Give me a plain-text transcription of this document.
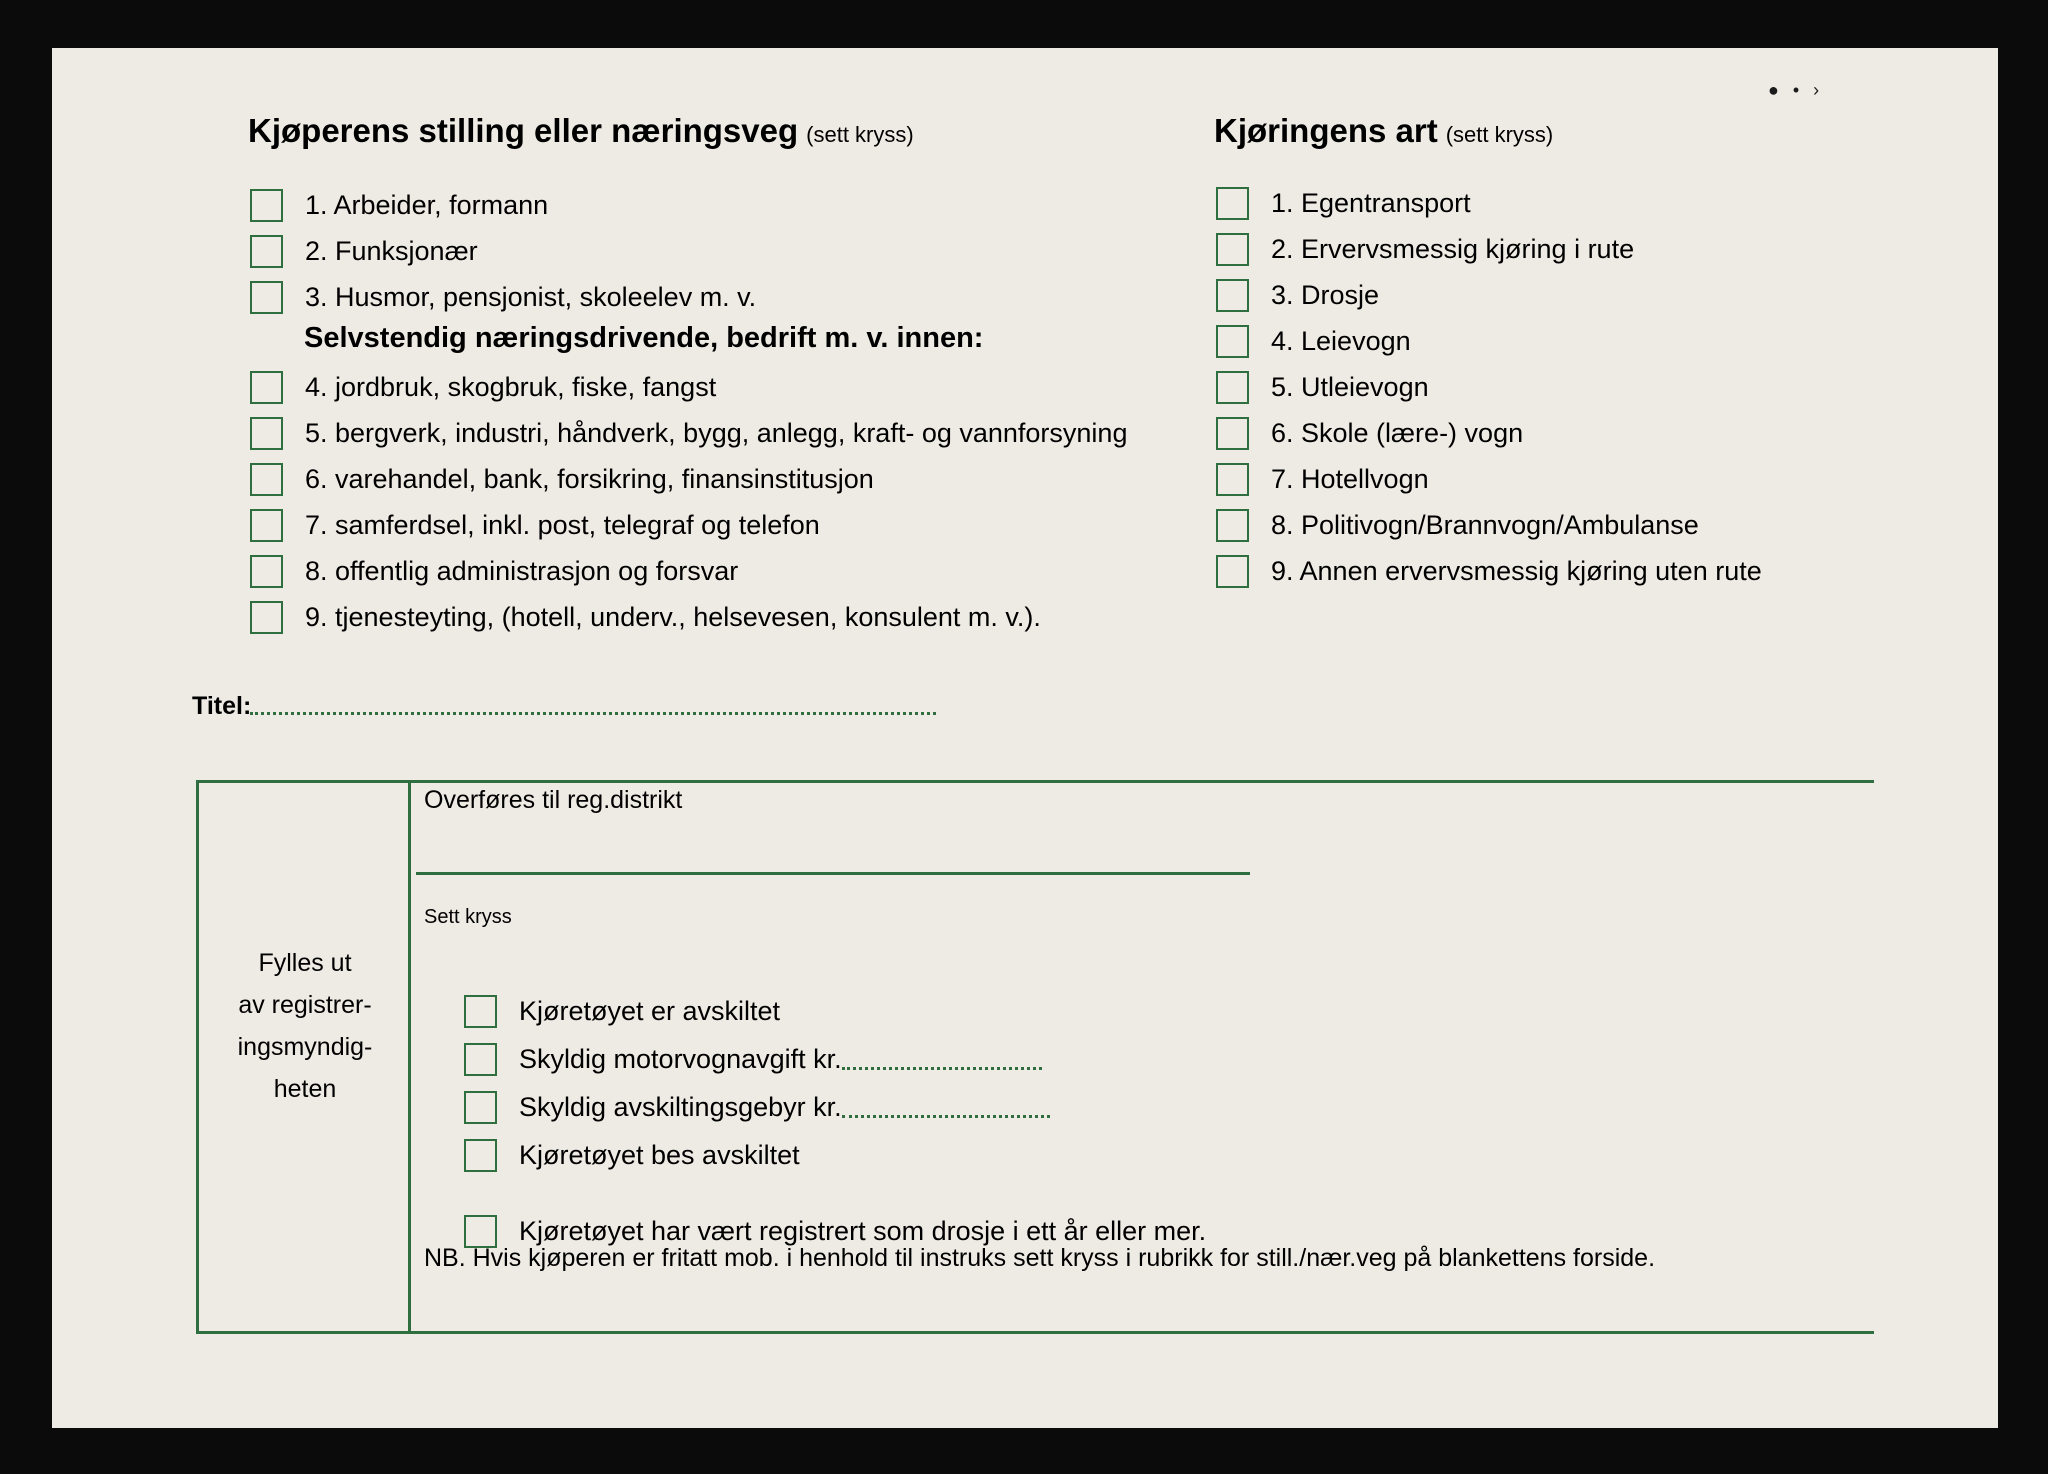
●•›
Kjøperens stilling eller næringsveg (sett kryss)
1. Arbeider, formann
2. Funksjonær
3. Husmor, pensjonist, skoleelev m. v.
Selvstendig næringsdrivende, bedrift m. v. innen:
4. jordbruk, skogbruk, fiske, fangst
5. bergverk, industri, håndverk, bygg, anlegg, kraft- og vannforsyning
6. varehandel, bank, forsikring, finansinstitusjon
7. samferdsel, inkl. post, telegraf og telefon
8. offentlig administrasjon og forsvar
9. tjenesteyting, (hotell, underv., helsevesen, konsulent m. v.).
Kjøringens art (sett kryss)
1. Egentransport
2. Ervervsmessig kjøring i rute
3. Drosje
4. Leievogn
5. Utleievogn
6. Skole (lære-) vogn
7. Hotellvogn
8. Politivogn/Brannvogn/Ambulanse
9. Annen ervervsmessig kjøring uten rute
Titel:
Fylles ut
av registrer-
ingsmyndig-
heten
Overføres til reg.distrikt
Sett kryss
Kjøretøyet er avskiltet
Skyldig motorvognavgift kr.
Skyldig avskiltingsgebyr kr.
Kjøretøyet bes avskiltet
Kjøretøyet har vært registrert som drosje i ett år eller mer.
NB. Hvis kjøperen er fritatt mob. i henhold til instruks sett kryss i rubrikk for still./nær.veg på blankettens forside.
